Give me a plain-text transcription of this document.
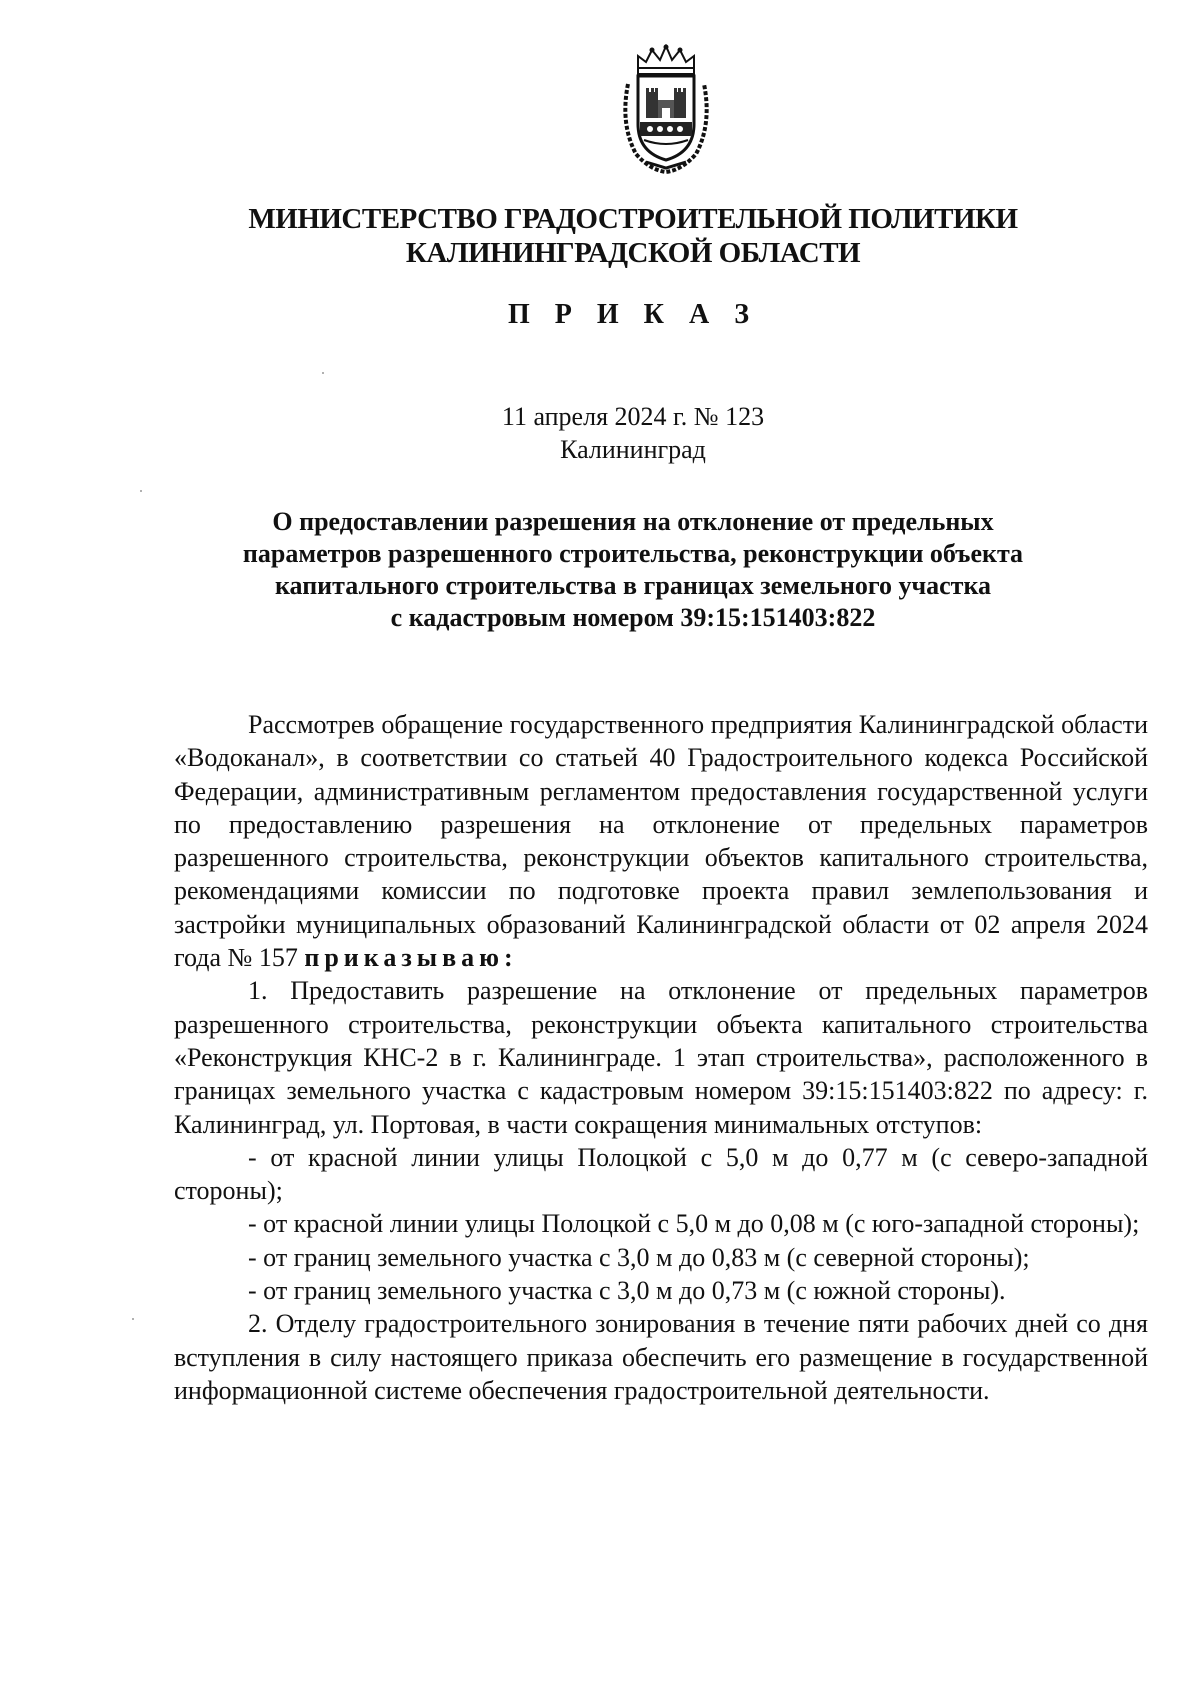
МИНИСТЕРСТВО ГРАДОСТРОИТЕЛЬНОЙ ПОЛИТИКИ
КАЛИНИНГРАДСКОЙ ОБЛАСТИ
П Р И К А З
11 апреля 2024 г. № 123
Калининград
О предоставлении разрешения на отклонение от предельных
параметров разрешенного строительства, реконструкции объекта
капитального строительства в границах земельного участка
с кадастровым номером 39:15:151403:822

Рассмотрев обращение государственного предприятия Калининградской области «Водоканал», в соответствии со статьей 40 Градостроительного кодекса Российской Федерации, административным регламентом предоставления государственной услуги по предоставлению разрешения на отклонение от предельных параметров разрешенного строительства, реконструкции объектов капитального строительства, рекомендациями комиссии по подготовке проекта правил землепользования и застройки муниципальных образований Калининградской области от 02 апреля 2024 года № 157 приказываю:

1. Предоставить разрешение на отклонение от предельных параметров разрешенного строительства, реконструкции объекта капитального строительства «Реконструкция КНС-2 в г. Калининграде. 1 этап строительства», расположенного в границах земельного участка с кадастровым номером 39:15:151403:822 по адресу: г. Калининград, ул. Портовая, в части сокращения минимальных отступов:

- от красной линии улицы Полоцкой с 5,0 м до 0,77 м (с северо-западной стороны);

- от красной линии улицы Полоцкой с 5,0 м до 0,08 м (с юго-западной стороны);

- от границ земельного участка с 3,0 м до 0,83 м (с северной стороны);

- от границ земельного участка с 3,0 м до 0,73 м (с южной стороны).

2. Отделу градостроительного зонирования в течение пяти рабочих дней со дня вступления в силу настоящего приказа обеспечить его размещение в государственной информационной системе обеспечения градостроительной деятельности.
